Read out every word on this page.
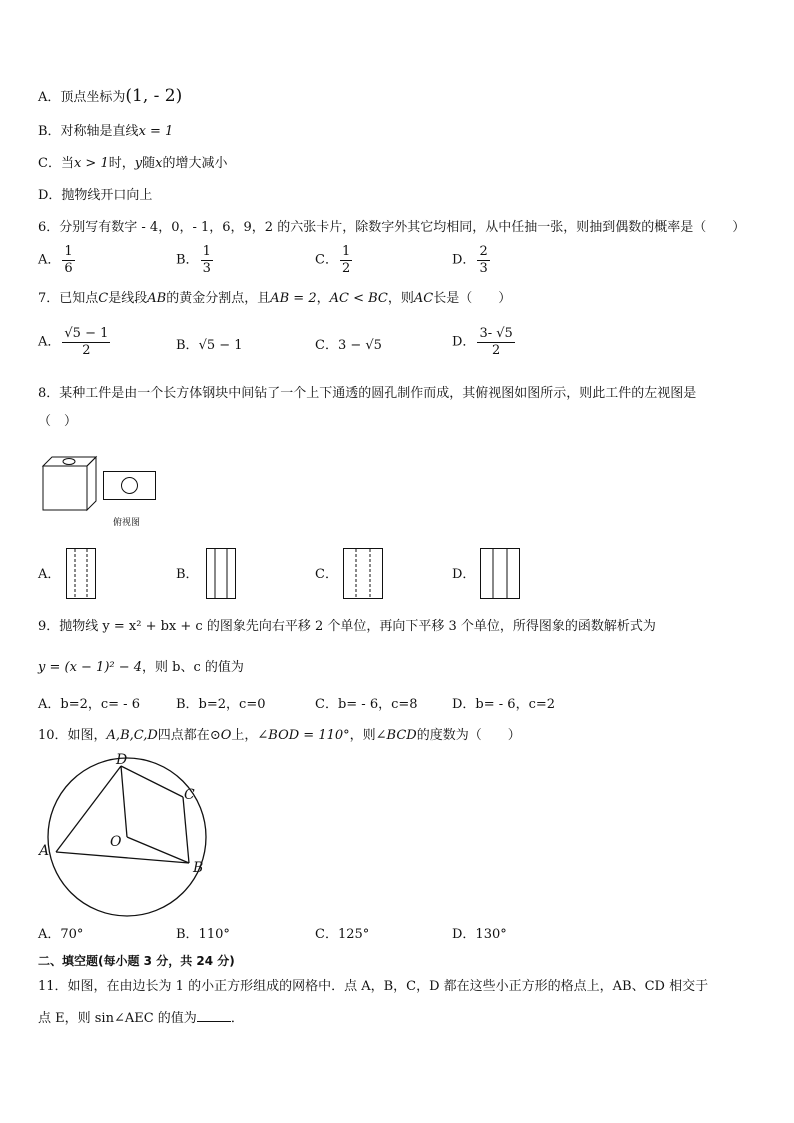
A．顶点坐标为(1, - 2)
B．对称轴是直线x = 1
C．当x > 1时，y随x的增大减小
D．抛物线开口向上
6．分别写有数字 - 4，0，- 1，6，9，2 的六张卡片，除数字外其它均相同，从中任抽一张，则抽到偶数的概率是（　　）
A． $\frac{1}{6}$	B． $\frac{1}{3}$	C． $\frac{1}{2}$	D． $\frac{2}{3}$
7．已知点C是线段AB的黄金分割点，且AB = 2，AC < BC，则AC长是（　　）
A． $\frac{√5 - 1}{2}$	B．√5 − 1	C．3 − √5	D． $\frac{3- √5}{2}$
8．某种工件是由一个长方体钢块中间钻了一个上下通透的圆孔制作而成，其俯视图如图所示，则此工件的左视图是
（　）
俯视图
A．	B．	C．	D．
9．抛物线 y = x² + bx + c 的图象先向右平移 2 个单位，再向下平移 3 个单位，所得图象的函数解析式为
y = (x − 1)² − 4，则 b、c 的值为
A．b=2，c= - 6	B．b=2，c=0	C．b= - 6，c=8	D．b= - 6，c=2
10．如图，A,B,C,D四点都在⊙O上，∠BOD = 110°，则∠BCD的度数为（　　）
D
C
A
O
B
A．70°	B．110°	C．125°	D．130°
二、填空题(每小题 3 分，共 24 分)
11．如图，在由边长为 1 的小正方形组成的网格中．点 A，B，C，D 都在这些小正方形的格点上，AB、CD 相交于
点 E，则 sin∠AEC 的值为	．
